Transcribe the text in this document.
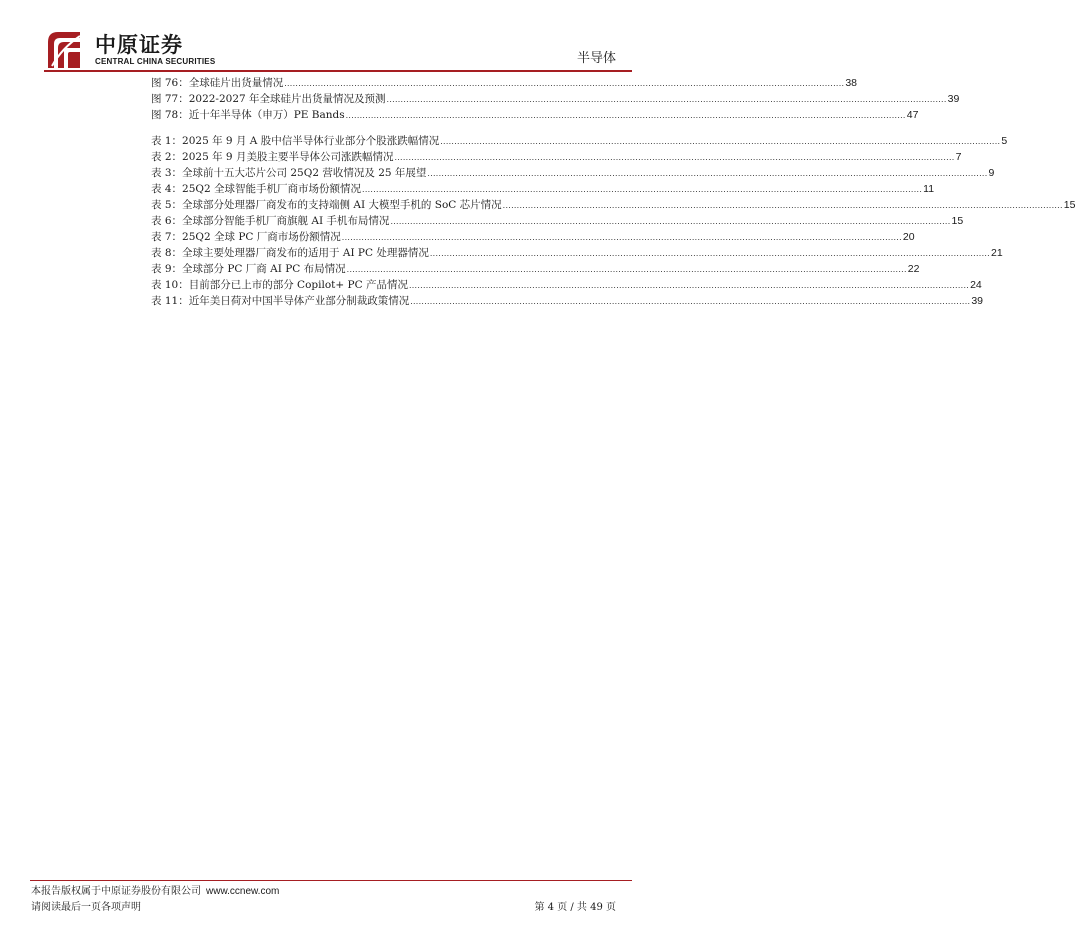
中原证券
CENTRAL CHINA SECURITIES	半导体
图 76： 全球硅片出货量情况 ........................................................................................................................................................................................................ 38
图 77： 2022-2027 年全球硅片出货量情况及预测 ........................................................................................................................................................................................................ 39
图 78： 近十年半导体（申万）PE Bands ........................................................................................................................................................................................................ 47
表 1： 2025 年 9 月 A 股中信半导体行业部分个股涨跌幅情况 ........................................................................................................................................................................................................ 5
表 2： 2025 年 9 月美股主要半导体公司涨跌幅情况 ........................................................................................................................................................................................................ 7
表 3： 全球前十五大芯片公司 25Q2 营收情况及 25 年展望 ........................................................................................................................................................................................................ 9
表 4： 25Q2 全球智能手机厂商市场份额情况 ........................................................................................................................................................................................................ 11
表 5： 全球部分处理器厂商发布的支持端侧 AI 大模型手机的 SoC 芯片情况 ........................................................................................................................................................................................................ 15
表 6： 全球部分智能手机厂商旗舰 AI 手机布局情况 ........................................................................................................................................................................................................ 15
表 7： 25Q2 全球 PC 厂商市场份额情况 ........................................................................................................................................................................................................ 20
表 8： 全球主要处理器厂商发布的适用于 AI PC 处理器情况 ........................................................................................................................................................................................................ 21
表 9： 全球部分 PC 厂商 AI PC 布局情况 ........................................................................................................................................................................................................ 22
表 10： 目前部分已上市的部分 Copilot+ PC 产品情况 ........................................................................................................................................................................................................ 24
表 11： 近年美日荷对中国半导体产业部分制裁政策情况 ........................................................................................................................................................................................................ 39
本报告版权属于中原证券股份有限公司 www.ccnew.com
请阅读最后一页各项声明	第 4 页 / 共 49 页
